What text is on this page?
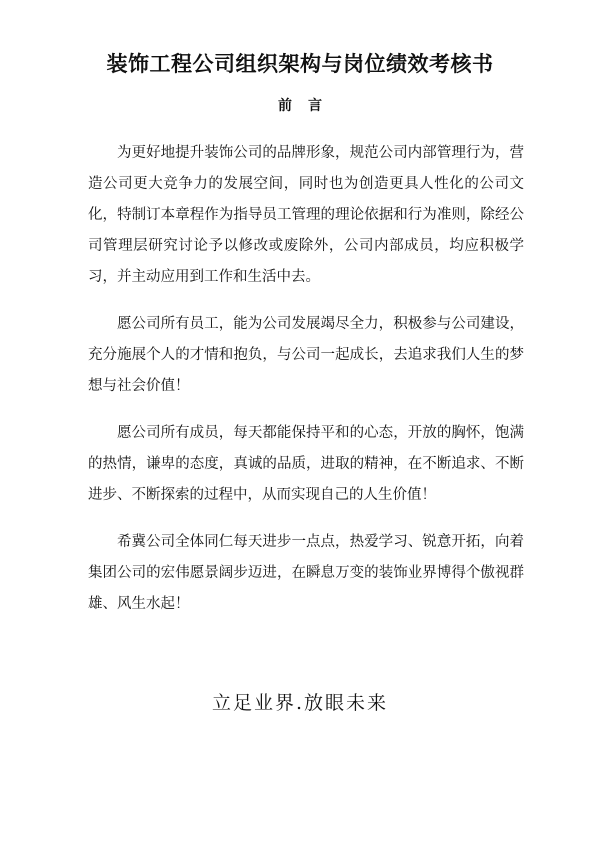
装饰工程公司组织架构与岗位绩效考核书
前言

为更好地提升装饰公司的品牌形象，规范公司内部管理行为，营造公司更大竞争力的发展空间，同时也为创造更具人性化的公司文化，特制订本章程作为指导员工管理的理论依据和行为准则，除经公司管理层研究讨论予以修改或废除外，公司内部成员，均应积极学习，并主动应用到工作和生活中去。

愿公司所有员工，能为公司发展竭尽全力，积极参与公司建设，充分施展个人的才情和抱负，与公司一起成长，去追求我们人生的梦想与社会价值！

愿公司所有成员，每天都能保持平和的心态，开放的胸怀，饱满的热情，谦卑的态度，真诚的品质，进取的精神，在不断追求、不断进步、不断探索的过程中，从而实现自己的人生价值！

希冀公司全体同仁每天进步一点点，热爱学习、锐意开拓，向着集团公司的宏伟愿景阔步迈进，在瞬息万变的装饰业界博得个傲视群雄、风生水起！

立足业界.放眼未来
